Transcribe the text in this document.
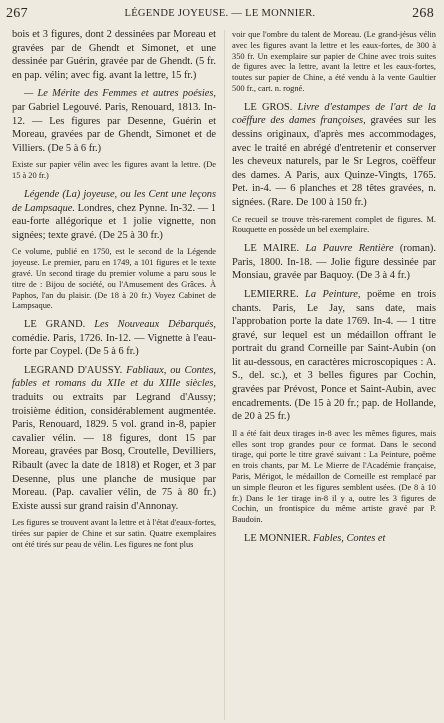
267	LÉGENDE JOYEUSE. — LE MONNIER.	268

bois et 3 figures, dont 2 dessinées par Moreau et gravées par de Ghendt et Simonet, et une dessinée par Guérin, gravée par de Ghendt. (5 fr. en pap. vélin; avec fig. avant la lettre, 15 fr.)

— Le Mérite des Femmes et autres poésies, par Gabriel Legouvé. Paris, Renouard, 1813. In-12. — Les figures par Desenne, Guérin et Moreau, gravées par de Ghendt, Simonet et de Villiers. (De 5 à 6 fr.)

Existe sur papier vélin avec les figures avant la lettre. (De 15 à 20 fr.)

Légende (La) joyeuse, ou les Cent une leçons de Lampsaque. Londres, chez Pynne. In-32. — 1 eau-forte allégorique et 1 jolie vignette, non signées; texte gravé. (De 25 à 30 fr.)

Ce volume, publié en 1750, est le second de la Légende joyeuse. Le premier, paru en 1749, a 101 figures et le texte gravé. Un second tirage du premier volume a paru sous le titre de : Bijou de société, ou l'Amusement des Grâces. À Paphos, l'an du plaisir. (De 18 à 20 fr.) Voyez Cabinet de Lampsaque.

LE GRAND. Les Nouveaux Débarqués, comédie. Paris, 1726. In-12. — Vignette à l'eau-forte par Coypel. (De 5 à 6 fr.)

LEGRAND D'AUSSY. Fabliaux, ou Contes, fables et romans du XIIe et du XIIIe siècles, traduits ou extraits par Legrand d'Aussy; troisième édition, considérablement augmentée. Paris, Renouard, 1829. 5 vol. grand in-8, papier cavalier vélin. — 18 figures, dont 15 par Moreau, gravées par Bosq, Croutelle, Devilliers, Ribault (avec la date de 1818) et Roger, et 3 par Desenne, plus une planche de musique par Moreau. (Pap. cavalier vélin, de 75 à 80 fr.) Existe aussi sur grand raisin d'Annonay.

Les figures se trouvent avant la lettre et à l'état d'eaux-fortes, tirées sur papier de Chine et sur satin. Quatre exemplaires ont été tirés sur peau de vélin. Les figures ne font plus

voir que l'ombre du talent de Moreau. (Le grand-jésus vélin avec les figures avant la lettre et les eaux-fortes, de 300 à 350 fr. Un exemplaire sur papier de Chine avec trois suites de figures avec la lettre, avant la lettre et les eaux-fortes, toutes sur papier de Chine, a été vendu à la vente Gaultier 500 fr., cart. n. rogné.

LE GROS. Livre d'estampes de l'art de la coëffure des dames françoises, gravées sur les dessins originaux, d'après mes accommodages, avec le traité en abrégé d'entretenir et conserver les cheveux naturels, par le Sr Legros, coëffeur des dames. A Paris, aux Quinze-Vingts, 1765. Pet. in-4. — 6 planches et 28 têtes gravées, n. signées. (Rare. De 100 à 150 fr.)

Ce recueil se trouve très-rarement complet de figures. M. Rouquette en possède un bel exemplaire.

LE MAIRE. La Pauvre Rentière (roman). Paris, 1800. In-18. — Jolie figure dessinée par Monsiau, gravée par Baquoy. (De 3 à 4 fr.)

LEMIERRE. La Peinture, poëme en trois chants. Paris, Le Jay, sans date, mais l'approbation porte la date 1769. In-4. — 1 titre gravé, sur lequel est un médaillon offrant le portrait du grand Corneille par Saint-Aubin (on lit au-dessous, en caractères microscopiques : A. S., del. sc.), et 3 belles figures par Cochin, gravées par Prévost, Ponce et Saint-Aubin, avec encadrements. (De 15 à 20 fr.; pap. de Hollande, de 20 à 25 fr.)

Il a été fait deux tirages in-8 avec les mêmes figures, mais elles sont trop grandes pour ce format. Dans le second tirage, qui porte le titre gravé suivant : La Peinture, poëme en trois chants, par M. Le Mierre de l'Académie française, Paris, Mérigot, le médaillon de Corneille est remplacé par un simple fleuron et les figures semblent usées. (De 8 à 10 fr.) Dans le 1er tirage in-8 il y a, outre les 3 figures de Cochin, un frontispice du même artiste gravé par P. Baudoin.

LE MONNIER. Fables, Contes et
